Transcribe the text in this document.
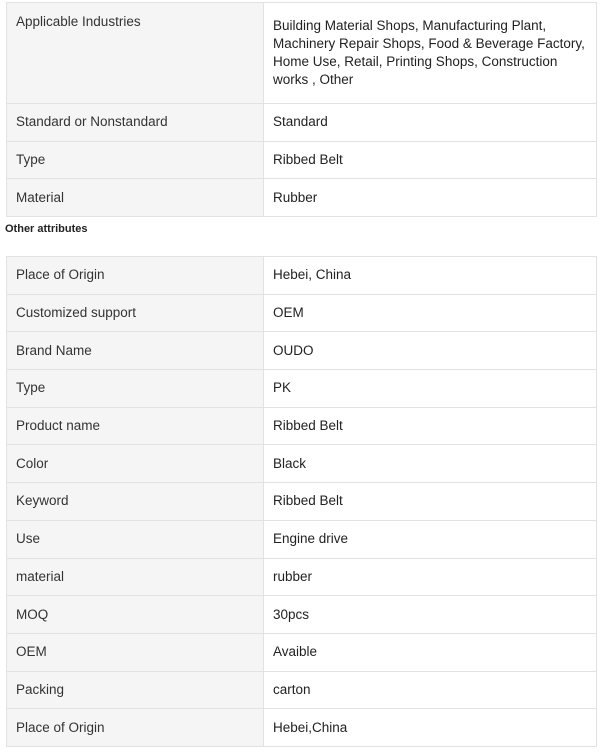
Applicable Industries	Building Material Shops, Manufacturing Plant, Machinery Repair Shops, Food & Beverage Factory, Home Use, Retail, Printing Shops, Construction works , Other
Standard or Nonstandard	Standard
Type	Ribbed Belt
Material	Rubber
Other attributes
Place of Origin	Hebei, China
Customized support	OEM
Brand Name	OUDO
Type	PK
Product name	Ribbed Belt
Color	Black
Keyword	Ribbed Belt
Use	Engine drive
material	rubber
MOQ	30pcs
OEM	Avaible
Packing	carton
Place of Origin	Hebei,China
